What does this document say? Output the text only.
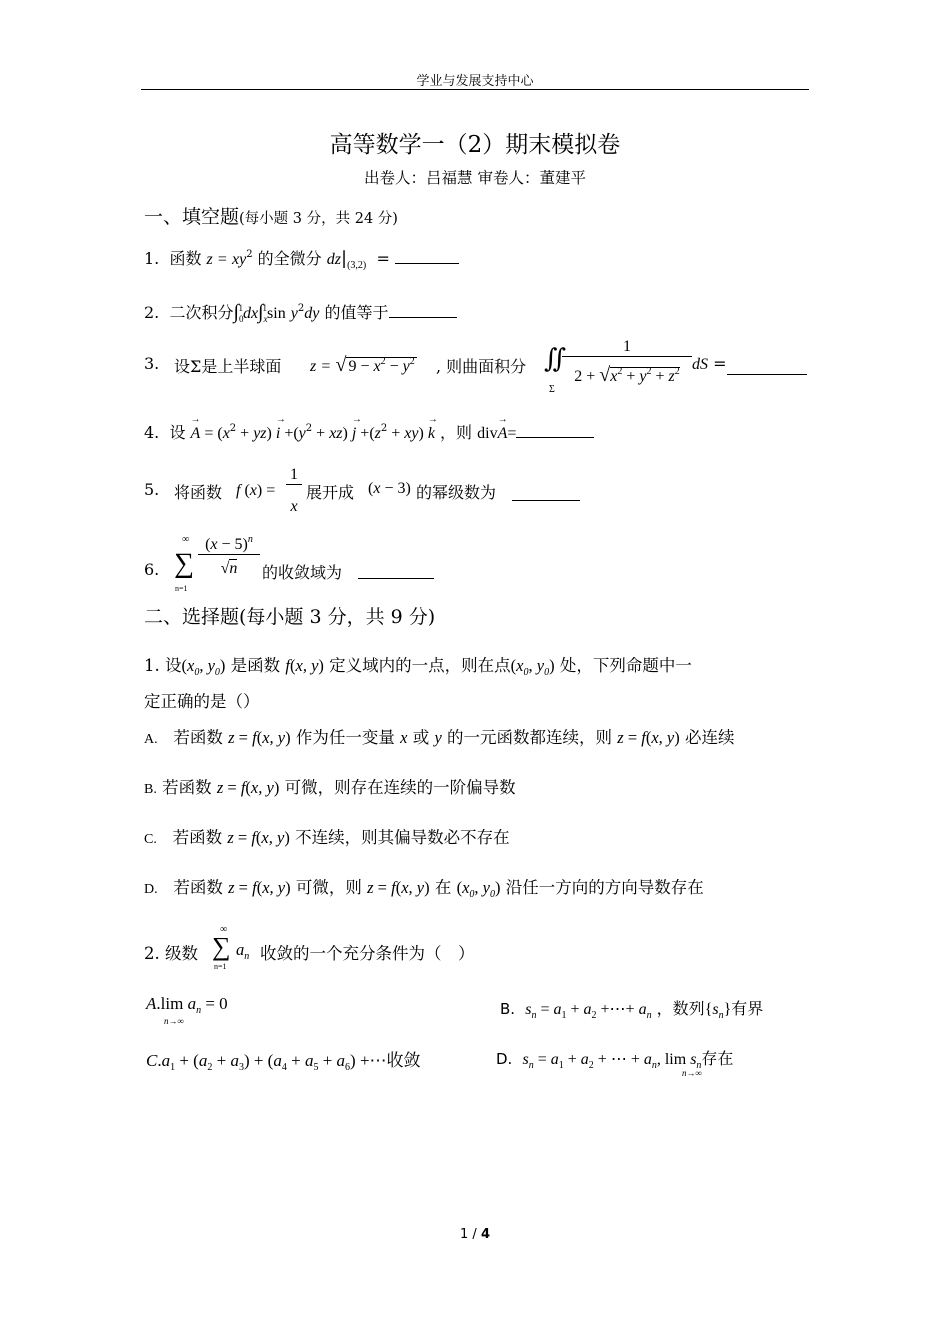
学业与发展支持中心
高等数学一（2）期末模拟卷
出卷人：吕福慧 审卷人：董建平
一、填空题(每小题 3 分，共 24 分)
1. 函数 $z = xy^2$ 的全微分 $dz|_{(3,2)}$ =
2. 二次积分$\int_0^1dx\int_x^1\sin$ $y^2dy$ 的值等于
3. 设Σ是上半球面 z = √ $9 - x^2 - y^2$ , 则曲面积分 ∬
Σ
1
$2 + √x^2 + y^2 + z^2$ dS =
4. 设 → $A = (x^2 + yz) \to i +(y^2 + xz) \to j +(z^2 + xy) \to k$ ，则 div→ A=
5. 将函数 f (x) =
1
x
展开成 (x − 3) 的幂级数为
6.
∞
∑
n=1
$(x - 5)^n$
√n	的收敛域为
二、选择题(每小题 3 分，共 9 分)
1. 设($x_0$, $y_0$) 是函数 f(x, y) 定义域内的一点，则在点($x_0$, $y_0$) 处，下列命题中一
定正确的是（）
A. 若函数 z = f(x, y) 作为任一变量 x 或 y 的一元函数都连续，则 z = f(x, y) 必连续
B. 若函数 z = f(x, y) 可微，则存在连续的一阶偏导数
C. 若函数 z = f(x, y) 不连续，则其偏导数必不存在
D. 若函数 z = f(x, y) 可微，则 z = f(x, y) 在 ($x_0$, $y_0$) 沿任一方向的方向导数存在
2. 级数
∞
∑
n=1
$a_n$ 收敛的一个充分条件为（　）
A.lim $a_n = 0$
n→∞
B. $s_n = a_1 + a_2$ +⋯+ $a_n$ ，数列$\{s_n\}$有界
$C.a_1 + (a_2 + a_3) + (a_4 + a_5 + a_6)$ +⋯收敛	D. $s_n = a_1 + a_2$ + ⋯ + $a_n$, $\lim s_n$存在
n→∞
1 / 4
